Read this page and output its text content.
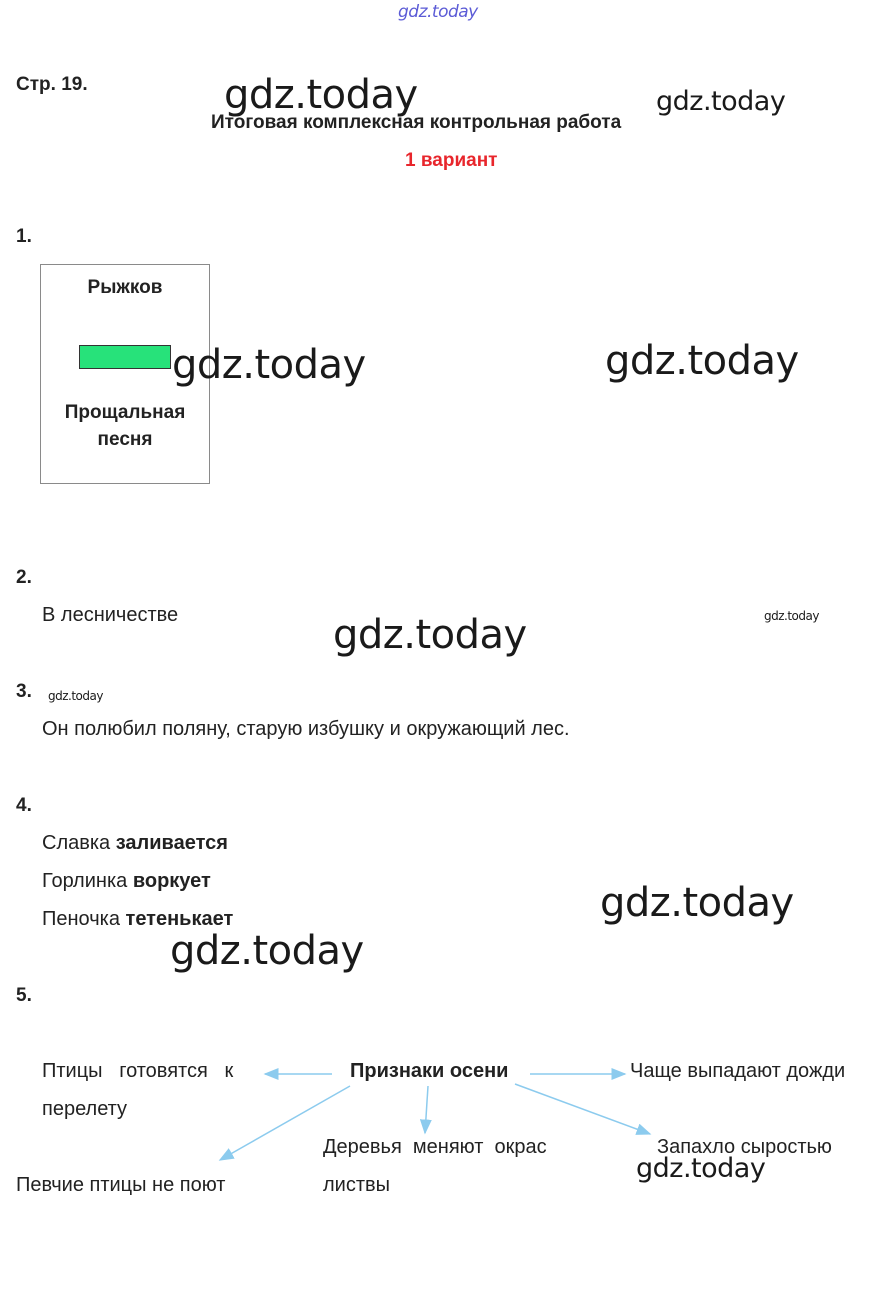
gdz.today
Стр. 19.
Итоговая комплексная контрольная работа
1 вариант
1.
Рыжков
Прощальная песня
2.
В лесничестве
3.
Он полюбил поляну, старую избушку и окружающий лес.
4.
Славка заливается
Горлинка воркует
Пеночка тетенькает
5.
Признаки осени
Птицы   готовятся   к
перелету
Чаще выпадают дожди
Певчие птицы не поют
Деревья  меняют  окрас
листвы
Запахло сыростью
gdz.today	gdz.today
gdz.today	gdz.today
gdz.today	gdz.today
gdz.today
gdz.today
gdz.today
gdz.today
